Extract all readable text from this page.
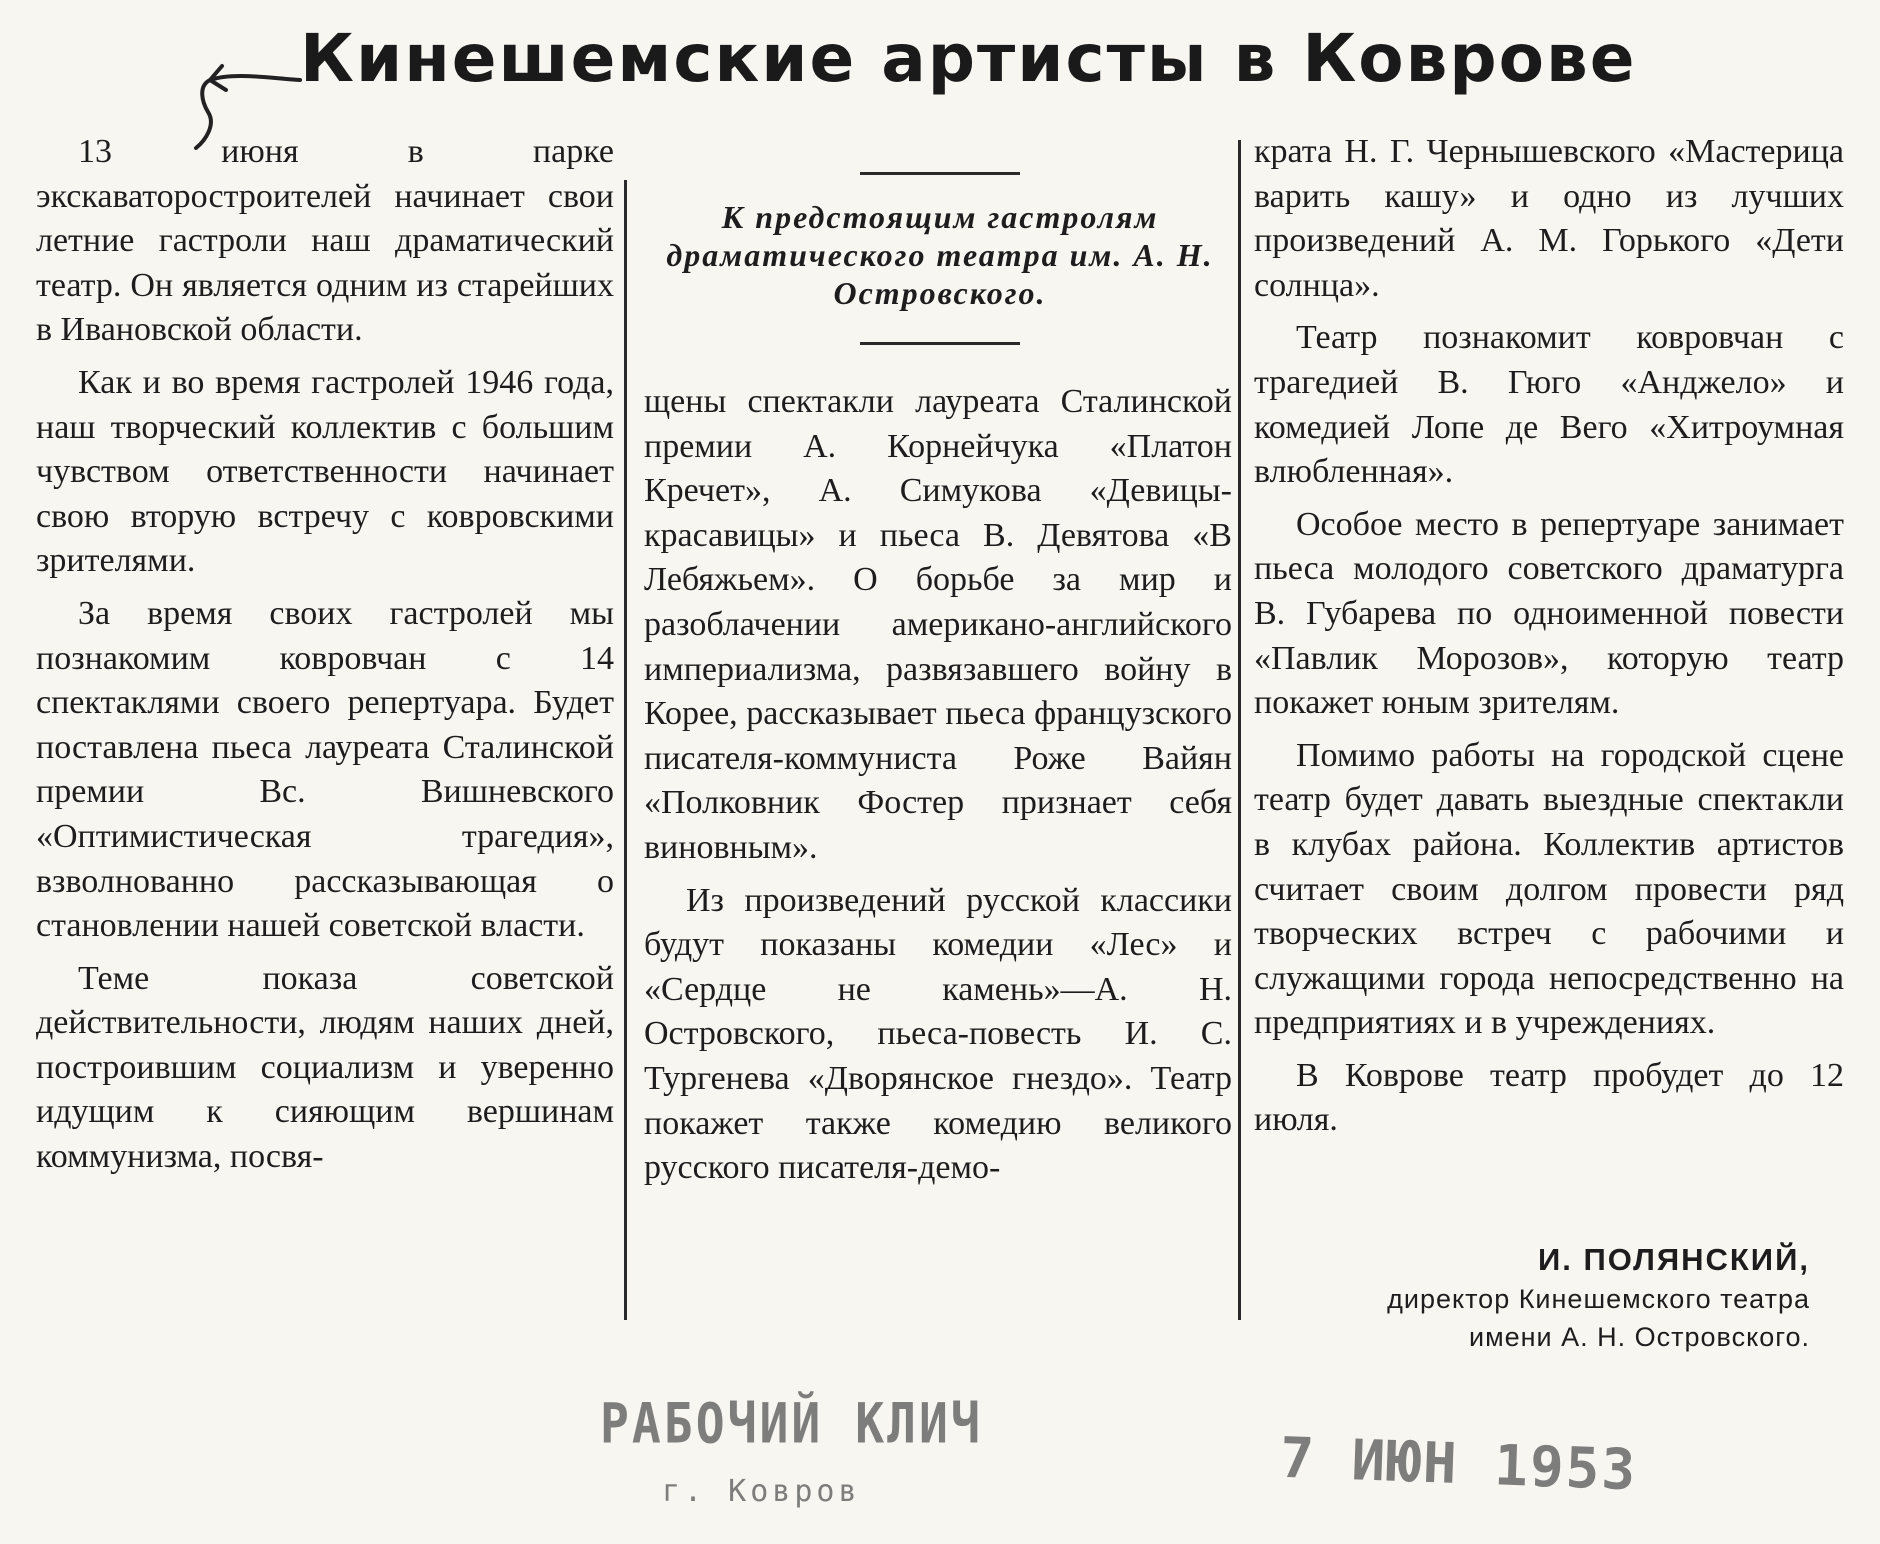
Кинешемские артисты в Коврове

13 июня в парке экскаваторостроителей начинает свои летние гастроли наш драматический театр. Он является одним из старейших в Ивановской области.

Как и во время гастролей 1946 года, наш творческий коллектив с большим чувством ответственности начинает свою вторую встречу с ковровскими зрителями.

За время своих гастролей мы познакомим ковровчан с 14 спектаклями своего репертуара. Будет поставлена пьеса лауреата Сталинской премии Вс. Вишневского «Оптимистическая трагедия», взволнованно рассказывающая о становлении нашей советской власти.

Теме показа советской действительности, людям наших дней, построившим социализм и уверенно идущим к сияющим вершинам коммунизма, посвя-

К предстоящим гастролям драматического театра им. А. Н. Островского.

щены спектакли лауреата Сталинской премии А. Корнейчука «Платон Кречет», А. Симукова «Девицы-красавицы» и пьеса В. Девятова «В Лебяжьем». О борьбе за мир и разоблачении американо-английского империализма, развязавшего войну в Корее, рассказывает пьеса французского писателя-коммуниста Роже Вайян «Полковник Фостер признает себя виновным».

Из произведений русской классики будут показаны комедии «Лес» и «Сердце не камень»—А. Н. Островского, пьеса-повесть И. С. Тургенева «Дворянское гнездо». Театр покажет также комедию великого русского писателя-демо-

крата Н. Г. Чернышевского «Мастерица варить кашу» и одно из лучших произведений А. М. Горького «Дети солнца».

Театр познакомит ковровчан с трагедией В. Гюго «Анджело» и комедией Лопе де Вего «Хитроумная влюбленная».

Особое место в репертуаре занимает пьеса молодого советского драматурга В. Губарева по одноименной повести «Павлик Морозов», которую театр покажет юным зрителям.

Помимо работы на городской сцене театр будет давать выездные спектакли в клубах района. Коллектив артистов считает своим долгом провести ряд творческих встреч с рабочими и служащими города непосредственно на предприятиях и в учреждениях.

В Коврове театр пробудет до 12 июля.

И. ПОЛЯНСКИЙ,
директор Кинешемского театра
имени А. Н. Островского.
РАБОЧИЙ КЛИЧ
г. Ковров	7 ИЮН 1953
